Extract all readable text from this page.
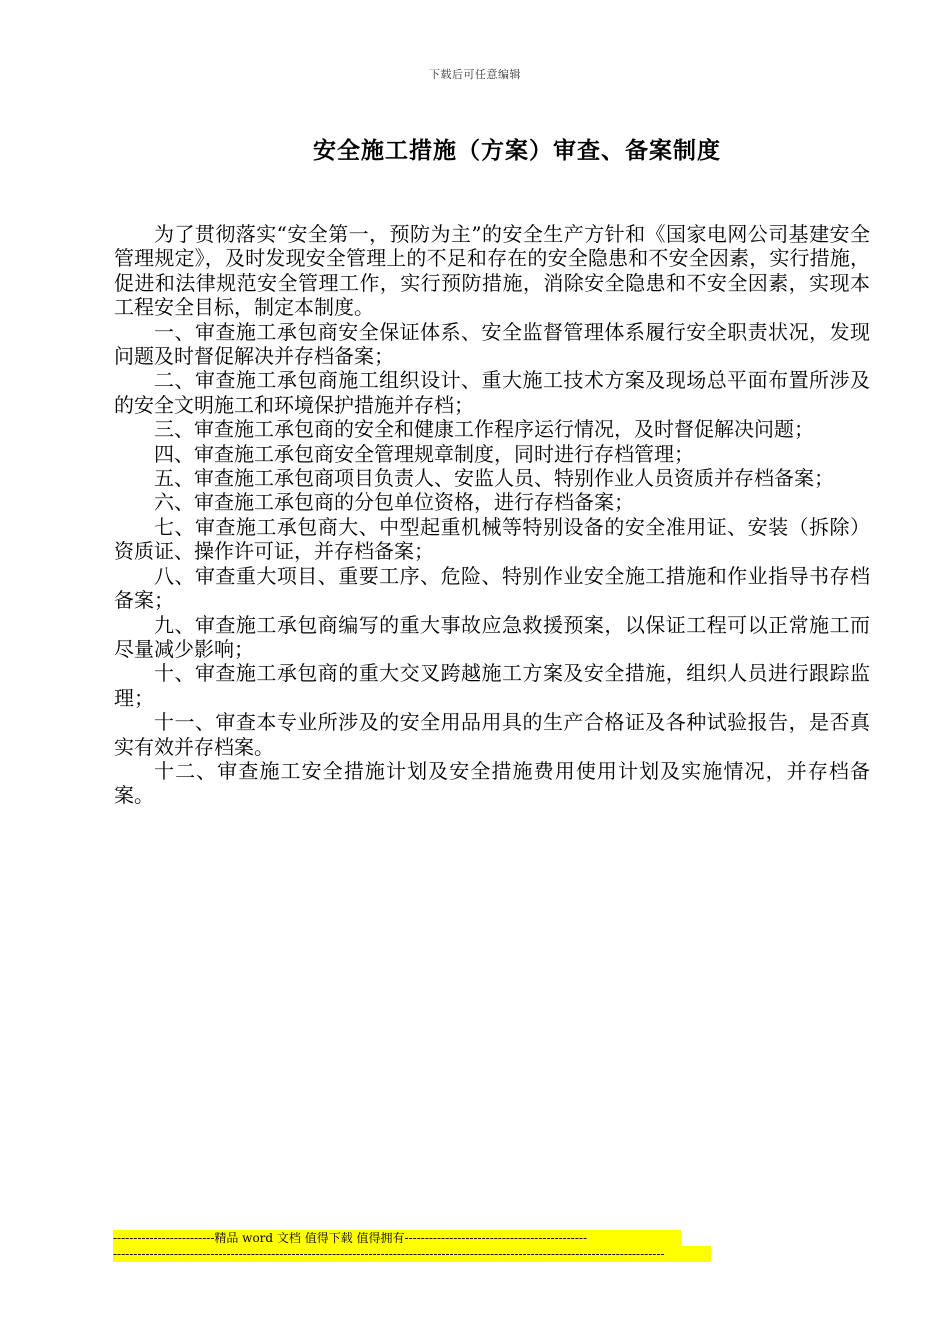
下载后可任意编辑
安全施工措施（方案）审查、备案制度

为了贯彻落实“安全第一，预防为主”的安全生产方针和《国家电网公司基建安全管理规定》，及时发现安全管理上的不足和存在的安全隐患和不安全因素，实行措施，促进和法律规范安全管理工作，实行预防措施，消除安全隐患和不安全因素，实现本工程安全目标，制定本制度。

一、审查施工承包商安全保证体系、安全监督管理体系履行安全职责状况，发现问题及时督促解决并存档备案；

二、审查施工承包商施工组织设计、重大施工技术方案及现场总平面布置所涉及的安全文明施工和环境保护措施并存档；

三、审查施工承包商的安全和健康工作程序运行情况，及时督促解决问题；

四、审查施工承包商安全管理规章制度，同时进行存档管理；

五、审查施工承包商项目负责人、安监人员、特别作业人员资质并存档备案；

六、审查施工承包商的分包单位资格，进行存档备案；

七、审查施工承包商大、中型起重机械等特别设备的安全准用证、安装（拆除）资质证、操作许可证，并存档备案；

八、审查重大项目、重要工序、危险、特别作业安全施工措施和作业指导书存档备案；

九、审查施工承包商编写的重大事故应急救援预案，以保证工程可以正常施工而尽量减少影响；

十、审查施工承包商的重大交叉跨越施工方案及安全措施，组织人员进行跟踪监理；

十一、审查本专业所涉及的安全用品用具的生产合格证及各种试验报告，是否真实有效并存档案。

十二、审查施工安全措施计划及安全措施费用使用计划及实施情况，并存档备案。

-------------------------精品 word 文档 值得下载 值得拥有---------------------------------------------
----------------------------------------------------------------------------------------------------------------------------------------
